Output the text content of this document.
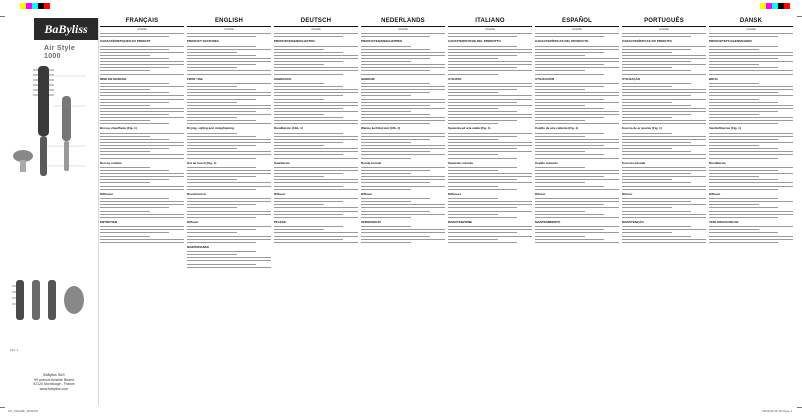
BaByliss

Air Style 1000
FIG. 1
BaByliss SAS
99 avenue Aristide Briand
92120 Montrouge - France
www.babyliss.com
FRANÇAIS
AS120E
CARACTÉRISTIQUES DU PRODUIT
MISE EN MARCHE
Brosse chauffante (Fig. 1)
Brosse rotative
Diffuseur
ENTRETIEN
ENGLISH
AS120E
PRODUCT FEATURES
FIRST USE
Drying, styling and straightening
Hot air brush (Fig. 1)
Round brush
Diffuser
MAINTENANCE
DEUTSCH
AS120E
PRODUKTEIGENSCHAFTEN
GEBRAUCH
Rundbürste (Abb. 1)
Haarbürste
Diffusor
PFLEGE
NEDERLANDS
AS120E
PRODUCTEIGENSCHAPPEN
GEBRUIK
Warme luchtborstel (Afb. 1)
Ronde borstel
Diffuser
ONDERHOUD
ITALIANO
AS120E
CARATTERISTICHE DEL PRODOTTO
UTILIZZO
Spazzola ad aria calda (Fig. 1)
Spazzola rotonda
Diffusore
MANUTENZIONE
ESPAÑOL
AS120E
CARACTERÍSTICAS DEL PRODUCTO
UTILIZACIÓN
Cepillo de aire caliente (Fig. 1)
Cepillo redondo
Difusor
MANTENIMIENTO
PORTUGUÊS
AS120E
CARACTERÍSTICAS DO PRODUTO
UTILIZAÇÃO
Escova de ar quente (Fig. 1)
Escova redonda
Difusor
MANUTENÇÃO
DANSK
AS120E
PRODUKTETS EGENSKABER
BRUG
Varmluftbørste (Fig. 1)
Rundbørste
Diffuser
VEDLIGEHOLDELSE
AS_AS120E_18/11/09	18/11/09 11:49 Page 1
